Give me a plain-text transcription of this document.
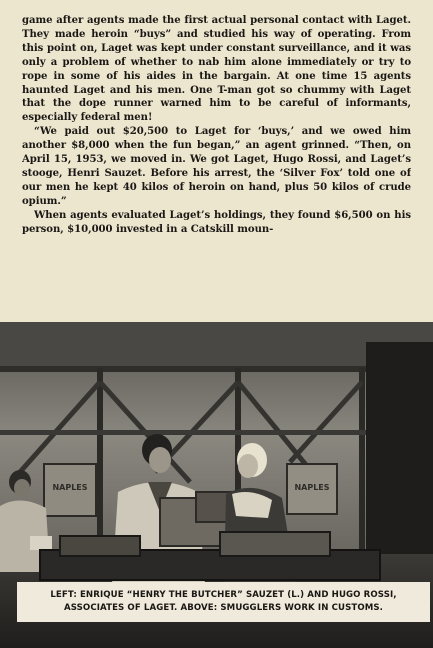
game after agents made the first actual personal contact with Laget. They made heroin “buys” and studied his way of operating. From this point on, Laget was kept under constant surveillance, and it was only a problem of whether to nab him alone immediately or try to rope in some of his aides in the bargain. At one time 15 agents haunted Laget and his men. One T-man got so chummy with Laget that the dope runner warned him to be careful of informants, especially federal men!

“We paid out $20,500 to Laget for ‘buys,’ and we owed him another $8,000 when the fun began,” an agent grinned. “Then, on April 15, 1953, we moved in. We got Laget, Hugo Rossi, and Laget’s stooge, Henri Sauzet. Before his arrest, the ‘Silver Fox’ told one of our men he kept 40 kilos of heroin on hand, plus 50 kilos of crude opium.”

When agents evaluated Laget’s holdings, they found $6,500 on his person, $10,000 invested in a Catskill moun-

NAPLES	NAPLES
LEFT: ENRIQUE “HENRY THE BUTCHER” SAUZET (L.) AND HUGO ROSSI,
ASSOCIATES OF LAGET. ABOVE: SMUGGLERS WORK IN CUSTOMS.
